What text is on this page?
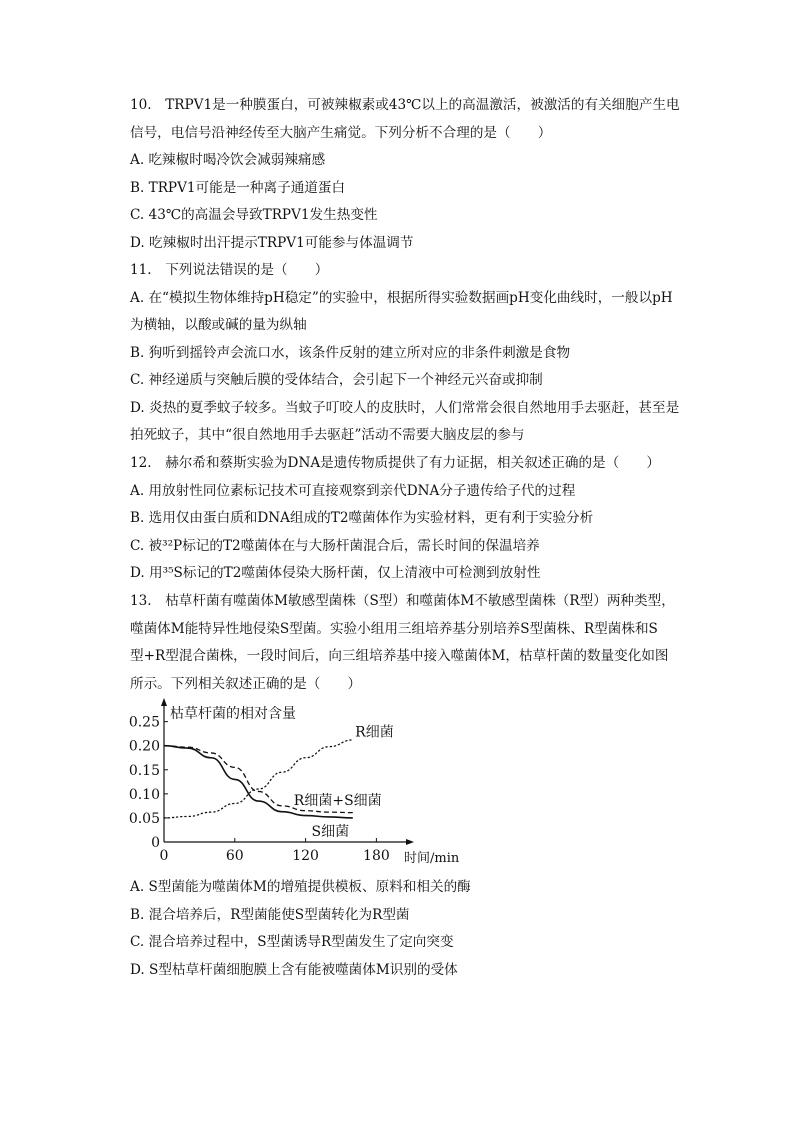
10.　TRPV1是一种膜蛋白，可被辣椒素或43℃以上的高温激活，被激活的有关细胞产生电

信号，电信号沿神经传至大脑产生痛觉。下列分析不合理的是（　　）

A. 吃辣椒时喝冷饮会减弱辣痛感

B. TRPV1可能是一种离子通道蛋白

C. 43℃的高温会导致TRPV1发生热变性

D. 吃辣椒时出汗提示TRPV1可能参与体温调节

11.　下列说法错误的是（　　）

A. 在“模拟生物体维持pH稳定”的实验中，根据所得实验数据画pH变化曲线时，一般以pH

为横轴，以酸或碱的量为纵轴

B. 狗听到摇铃声会流口水，该条件反射的建立所对应的非条件刺激是食物

C. 神经递质与突触后膜的受体结合，会引起下一个神经元兴奋或抑制

D. 炎热的夏季蚊子较多。当蚊子叮咬人的皮肤时，人们常常会很自然地用手去驱赶，甚至是

拍死蚊子，其中“很自然地用手去驱赶”活动不需要大脑皮层的参与

12.　赫尔希和蔡斯实验为DNA是遗传物质提供了有力证据，相关叙述正确的是（　　）

A. 用放射性同位素标记技术可直接观察到亲代DNA分子遗传给子代的过程

B. 选用仅由蛋白质和DNA组成的T2噬菌体作为实验材料，更有利于实验分析

C. 被³²P标记的T2噬菌体在与大肠杆菌混合后，需长时间的保温培养

D. 用³⁵S标记的T2噬菌体侵染大肠杆菌，仅上清液中可检测到放射性

13.　枯草杆菌有噬菌体M敏感型菌株（S型）和噬菌体M不敏感型菌株（R型）两种类型，

噬菌体M能特异性地侵染S型菌。实验小组用三组培养基分别培养S型菌株、R型菌株和S

型+R型混合菌株，一段时间后，向三组培养基中接入噬菌体M，枯草杆菌的数量变化如图

所示。下列相关叙述正确的是（　　）

0
0.05
0.10
0.15
0.20
0.25
0	60	120	180
枯草杆菌的相对含量
时间/min
R细菌
R细菌+S细菌
S细菌

A. S型菌能为噬菌体M的增殖提供模板、原料和相关的酶

B. 混合培养后，R型菌能使S型菌转化为R型菌

C. 混合培养过程中，S型菌诱导R型菌发生了定向突变

D. S型枯草杆菌细胞膜上含有能被噬菌体M识别的受体
